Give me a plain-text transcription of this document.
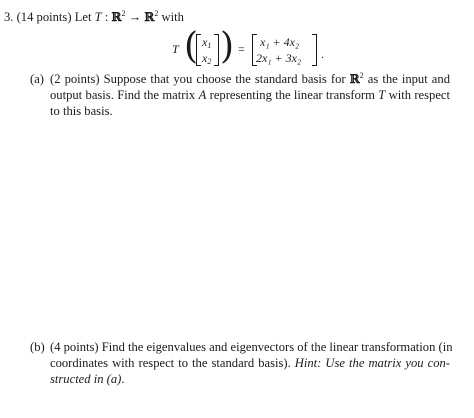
3. (14 points) Let T : ℝ$^2$ → ℝ$^2$ with
T ( $x_1$
$x_2$ ) = x₁ + 4x₂
2x₁ + 3x₂ .
(a) (2 points) Suppose that you choose the standard basis for ℝ$^2$ as the input and
output basis. Find the matrix A representing the linear transform T with respect
to this basis.
(b) (4 points) Find the eigenvalues and eigenvectors of the linear transformation (in
coordinates with respect to the standard basis). Hint: Use the matrix you con-
structed in (a).
